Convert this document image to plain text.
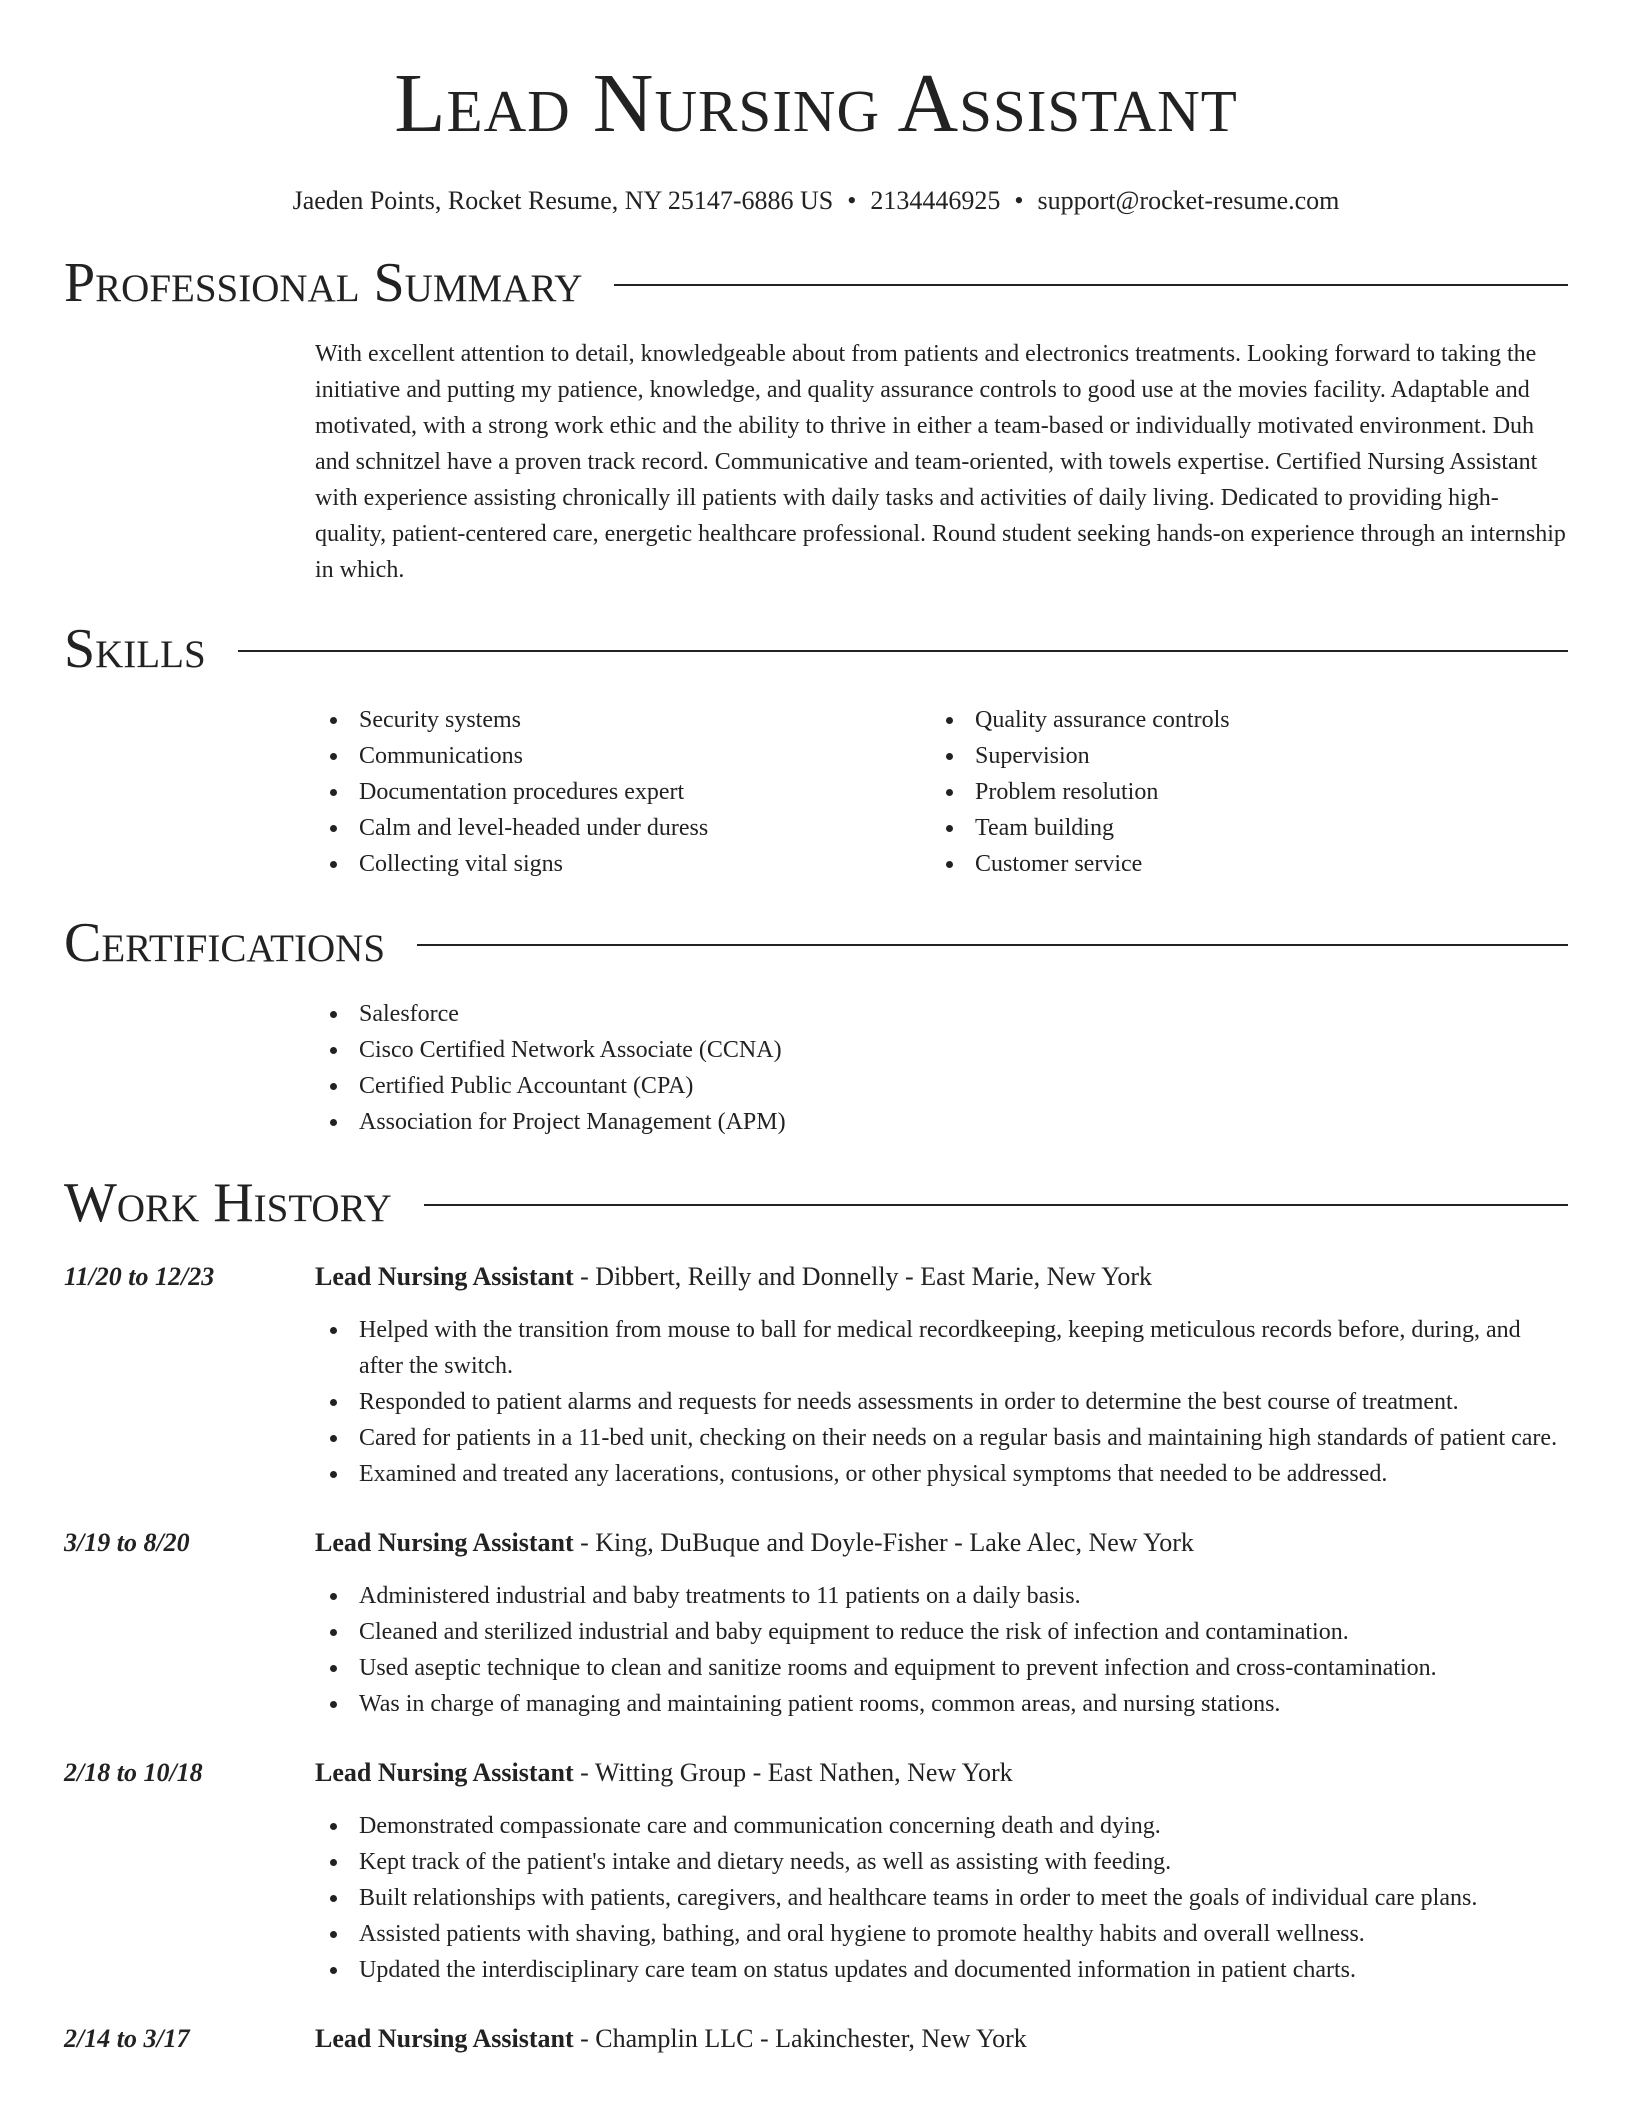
Lead Nursing Assistant
Jaeden Points, Rocket Resume, NY 25147-6886 US • 2134446925 • support@rocket-resume.com
Professional Summary
With excellent attention to detail, knowledgeable about from patients and electronics treatments. Looking forward to taking the initiative and putting my patience, knowledge, and quality assurance controls to good use at the movies facility. Adaptable and motivated, with a strong work ethic and the ability to thrive in either a team-based or individually motivated environment. Duh and schnitzel have a proven track record. Communicative and team-oriented, with towels expertise. Certified Nursing Assistant with experience assisting chronically ill patients with daily tasks and activities of daily living. Dedicated to providing high-quality, patient-centered care, energetic healthcare professional. Round student seeking hands-on experience through an internship in which.
Skills
Security systems
Communications
Documentation procedures expert
Calm and level-headed under duress
Collecting vital signs
Quality assurance controls
Supervision
Problem resolution
Team building
Customer service
Certifications
Salesforce
Cisco Certified Network Associate (CCNA)
Certified Public Accountant (CPA)
Association for Project Management (APM)
Work History
11/20 to 12/23	Lead Nursing Assistant - Dibbert, Reilly and Donnelly - East Marie, New York
Helped with the transition from mouse to ball for medical recordkeeping, keeping meticulous records before, during, and after the switch.
Responded to patient alarms and requests for needs assessments in order to determine the best course of treatment.
Cared for patients in a 11-bed unit, checking on their needs on a regular basis and maintaining high standards of patient care.
Examined and treated any lacerations, contusions, or other physical symptoms that needed to be addressed.
3/19 to 8/20	Lead Nursing Assistant - King, DuBuque and Doyle-Fisher - Lake Alec, New York
Administered industrial and baby treatments to 11 patients on a daily basis.
Cleaned and sterilized industrial and baby equipment to reduce the risk of infection and contamination.
Used aseptic technique to clean and sanitize rooms and equipment to prevent infection and cross-contamination.
Was in charge of managing and maintaining patient rooms, common areas, and nursing stations.
2/18 to 10/18	Lead Nursing Assistant - Witting Group - East Nathen, New York
Demonstrated compassionate care and communication concerning death and dying.
Kept track of the patient's intake and dietary needs, as well as assisting with feeding.
Built relationships with patients, caregivers, and healthcare teams in order to meet the goals of individual care plans.
Assisted patients with shaving, bathing, and oral hygiene to promote healthy habits and overall wellness.
Updated the interdisciplinary care team on status updates and documented information in patient charts.
2/14 to 3/17	Lead Nursing Assistant - Champlin LLC - Lakinchester, New York
